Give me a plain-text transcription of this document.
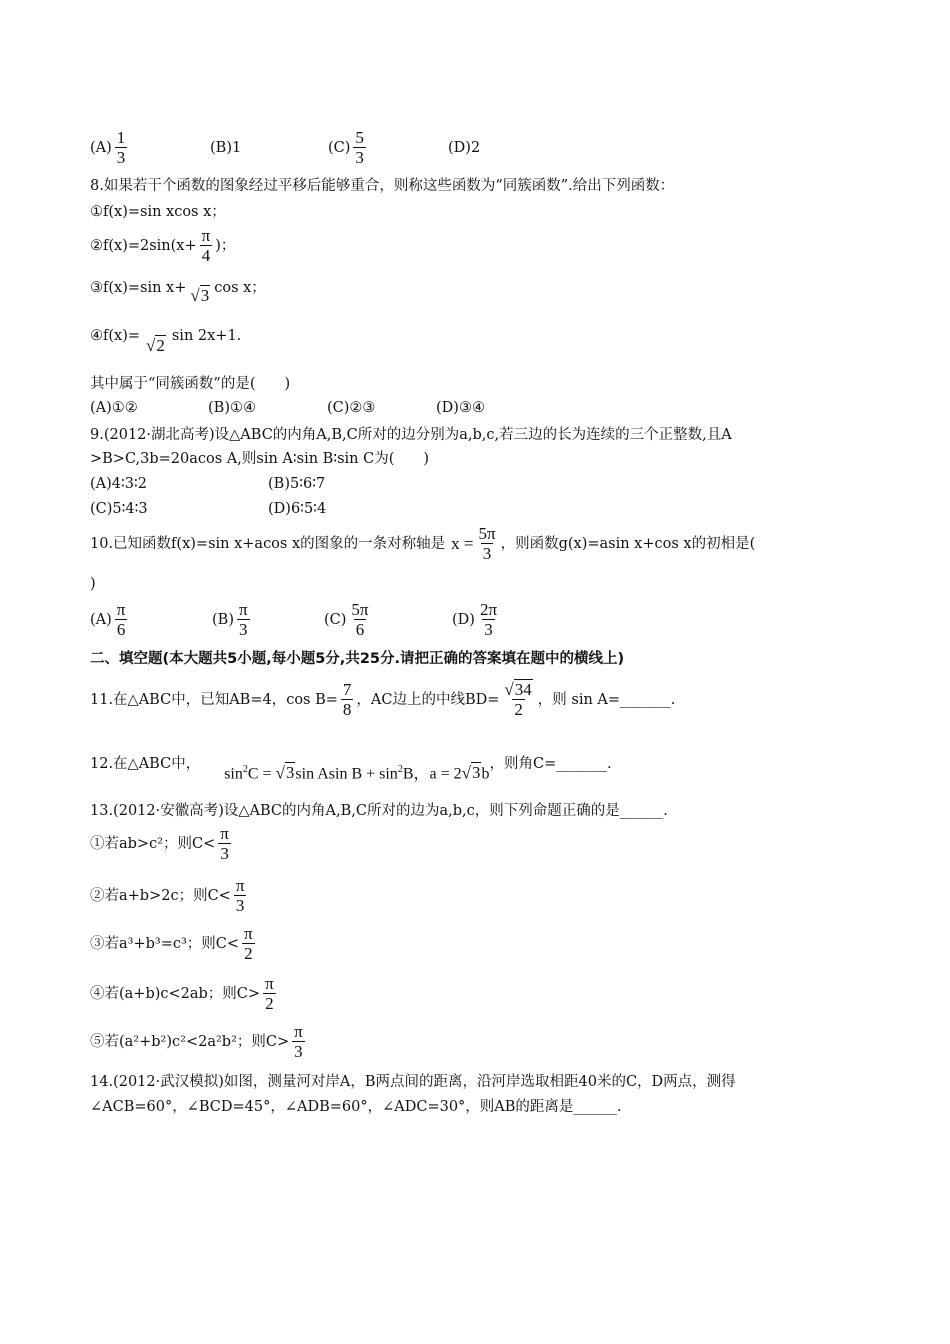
$(A) \frac{1}{3}$	(B)1	$(C) \frac{5}{3}$	(D)2
8.如果若干个函数的图象经过平移后能够重合，则称这些函数为“同簇函数”.给出下列函数：
①f(x)=sin xcos x；
②f(x)=2sin(x+ $\frac{\pi}{4}$ )；
③f(x)=sin x+ √3 cos x；
④f(x)= √2 sin 2x+1.
其中属于“同簇函数”的是(　　)
(A)①②	(B)①④	(C)②③	(D)③④
9.(2012·湖北高考)设△ABC的内角A,B,C所对的边分别为a,b,c,若三边的长为连续的三个正整数,且A
>B>C,3b=20acos A,则sin A∶sin B∶sin C为(　　)
(A)4∶3∶2	(B)5∶6∶7
(C)5∶4∶3	(D)6∶5∶4
10.已知函数f(x)=sin x+acos x的图象的一条对称轴是 $x = \frac{5\pi}{3}$ ，则函数g(x)=asin x+cos x的初相是(
)
$(A) \frac{\pi}{6}$	$(B) \frac{\pi}{3}$	$(C) \frac{5\pi}{6}$	$(D) \frac{2\pi}{3}$
二、填空题(本大题共5小题,每小题5分,共25分.请把正确的答案填在题中的横线上)
11.在△ABC中，已知AB=4，$\cos B= \frac{7}{8}$ ，AC边上的中线$BD= \frac{√34}{2}$ ，则 sin A=_______.
12.在△ABC中，
$\sin^2C = √3\sin$ Asin $B + \sin^2B$，a = 2√3b
，则角C=_______.
13.(2012·安徽高考)设△ABC的内角A,B,C所对的边为a,b,c，则下列命题正确的是______.
①若ab>c²；则$C< \frac{\pi}{3}$
②若a+b>2c；则$C< \frac{\pi}{3}$
③若a³+b³=c³；则$C< \frac{\pi}{2}$
④若(a+b)c<2ab；则$C> \frac{\pi}{2}$
⑤若(a²+b²)c²<2a²b²；则$C> \frac{\pi}{3}$
14.(2012·武汉模拟)如图，测量河对岸A，B两点间的距离，沿河岸选取相距40米的C，D两点，测得
∠ACB=60°，∠BCD=45°，∠ADB=60°，∠ADC=30°，则AB的距离是______.
